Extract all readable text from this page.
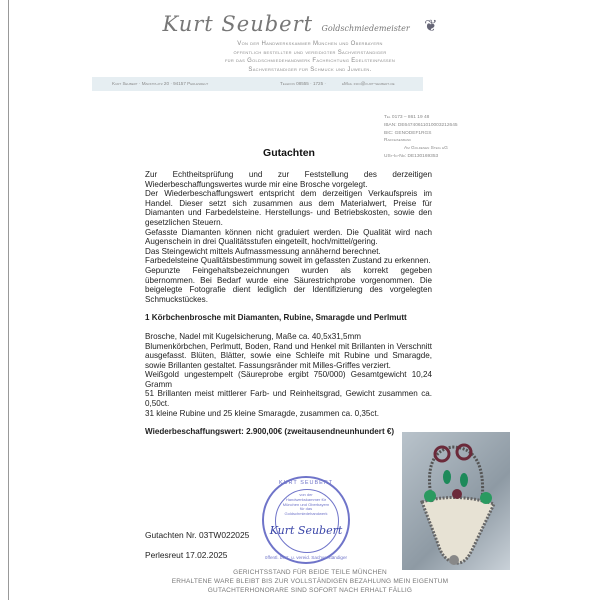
Kurt Seubert Goldschmiedemeister ❦
Von der Handwerkskammer München und Oberbayern
öffentlich bestellter und vereidigter Sachverständiger
für das Goldschmiedehandwerk Fachrichtung Edelsteinfassen
Sachverständiger für Schmuck und Juwelen.
Kurt Seubert · Marktplatz 20 · 94157 Perlesreut	Telefon 08555 · 1725 ·	eMail info@kurt-seubert.de
Tel 0173 – 861 19 48
IBAN: DE64740611010003212645
BIC: GENODEF1RGS
Raiffeisenbank
Am Goldenen Steig eG
USt-Id-Nr: DE130169353
Gutachten

Zur Echtheitsprüfung und zur Feststellung des derzeitigen Wiederbeschaffungswertes wurde mir eine Brosche vorgelegt.

Der Wiederbeschaffungswert entspricht dem derzeitigen Verkaufspreis im Handel. Dieser setzt sich zusammen aus dem Materialwert, Preise für Diamanten und Farbedelsteine. Herstellungs- und Betriebskosten, sowie den gesetzlichen Steuern.

Gefasste Diamanten können nicht graduiert werden. Die Qualität wird nach Augenschein in drei Qualitätsstufen eingeteilt, hoch/mittel/gering.

Das Steingewicht mittels Aufmassmessung annähernd berechnet.

Farbedelsteine Qualitätsbestimmung soweit im gefassten Zustand zu erkennen.

Gepunzte Feingehaltsbezeichnungen wurden als korrekt gegeben übernommen. Bei Bedarf wurde eine Säurestrichprobe vorgenommen. Die beigelegte Fotografie dient lediglich der Identifizierung des vorgelegten Schmuckstückes.

1 Körbchenbrosche mit Diamanten, Rubine, Smaragde und Perlmutt

Brosche, Nadel mit Kugelsicherung, Maße ca. 40,5x31,5mm

Blumenkörbchen, Perlmutt, Boden, Rand und Henkel mit Brillanten in Verschnitt ausgefasst. Blüten, Blätter, sowie eine Schleife mit Rubine und Smaragde, sowie Brillanten gestaltet. Fassungsränder mit Milles-Griffes verziert.

Weißgold ungestempelt (Säureprobe ergibt 750/000) Gesamtgewicht 10,24 Gramm

51 Brillanten meist mittlerer Farb- und Reinheitsgrad, Gewicht zusammen ca. 0,50ct.

31 kleine Rubine und 25 kleine Smaragde, zusammen ca. 0,35ct.

Wiederbeschaffungswert: 2.900,00€ (zweitausendneunhundert €)

Gutachten Nr. 03TW022025
Perlesreut 17.02.2025
KURT SEUBERT
von der Handwerkskammer für München und Oberbayern für das Goldschmiedehandwerk
Kurt Seubert
öffentl. best. u. vereid. Sachverständiger
GERICHTSSTAND FÜR BEIDE TEILE MÜNCHEN
ERHALTENE WARE BLEIBT BIS ZUR VOLLSTÄNDIGEN BEZAHLUNG MEIN EIGENTUM
GUTACHTERHONORARE SIND SOFORT NACH ERHALT FÄLLIG
